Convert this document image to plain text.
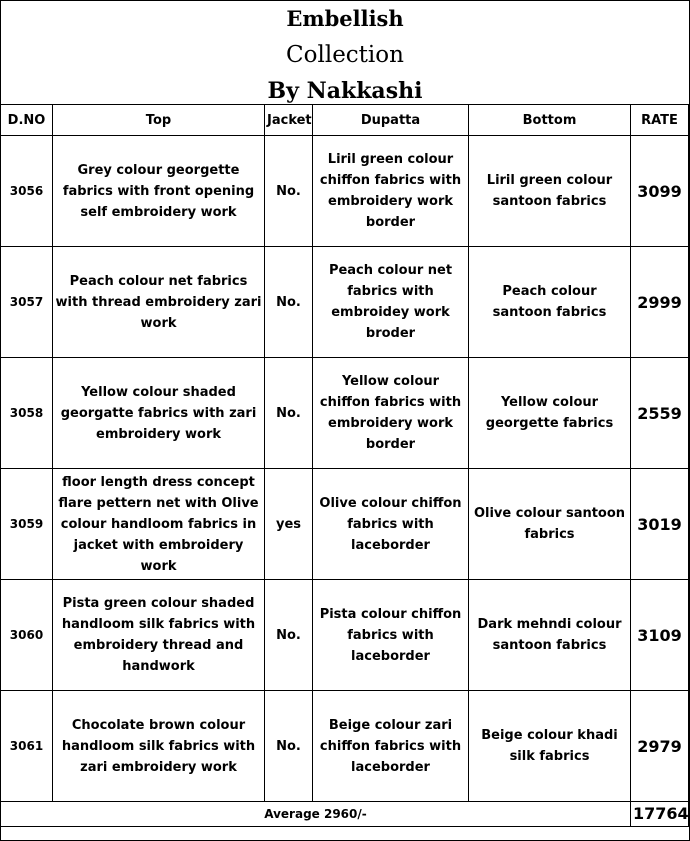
Embellish
Collection
By Nakkashi
D.NO	Top	Jacket	Dupatta	Bottom	RATE
3056	Grey colour georgette fabrics with front opening self embroidery work	No.	Liril green colour chiffon fabrics with embroidery work border	Liril green colour santoon fabrics	3099
3057	Peach colour net fabrics with thread embroidery zari work	No.	Peach colour net fabrics with embroidey work broder	Peach colour santoon fabrics	2999
3058	Yellow colour shaded georgatte fabrics with zari embroidery work	No.	Yellow colour chiffon fabrics with embroidery work border	Yellow colour georgette fabrics	2559
3059	floor length dress concept flare pettern net with Olive colour handloom fabrics in jacket with embroidery work	yes	Olive colour chiffon fabrics with laceborder	Olive colour santoon fabrics	3019
3060	Pista green colour shaded handloom silk fabrics with embroidery thread and handwork	No.	Pista colour chiffon fabrics with laceborder	Dark mehndi colour santoon fabrics	3109
3061	Chocolate brown colour handloom silk fabrics with zari embroidery work	No.	Beige colour zari chiffon fabrics with laceborder	Beige colour khadi silk fabrics	2979
Average 2960/-					17764
